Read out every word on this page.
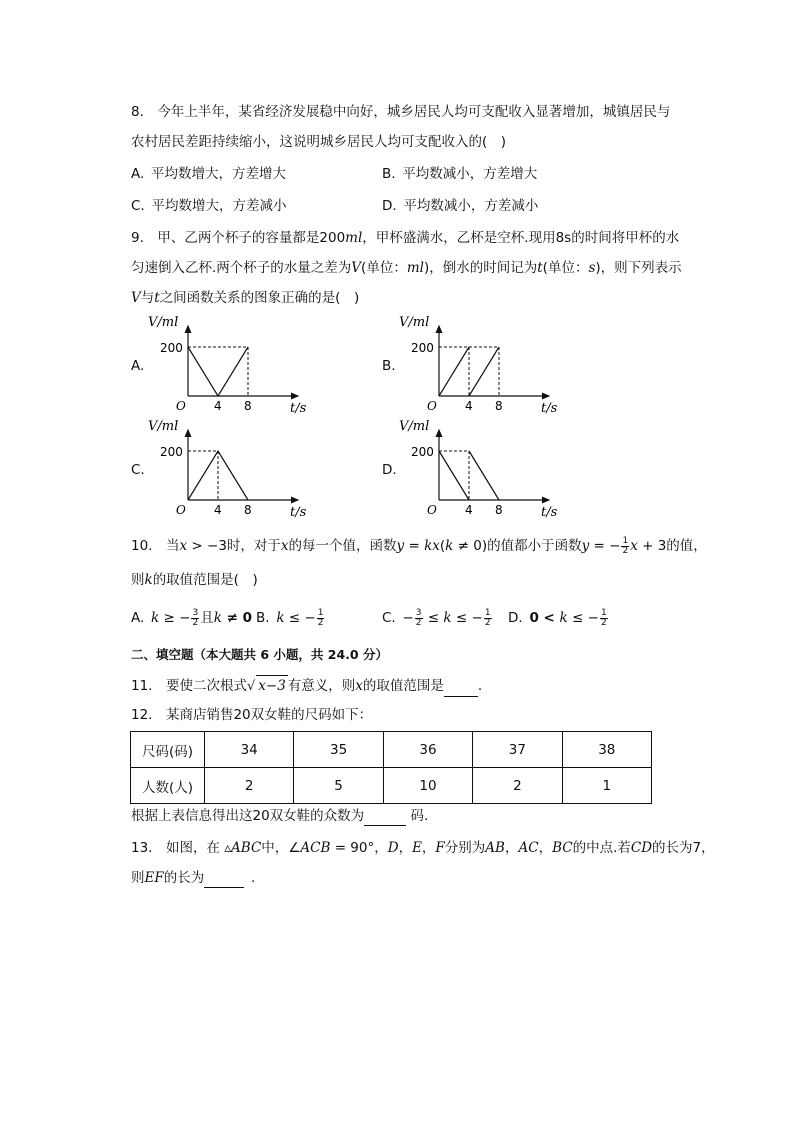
8.　今年上半年，某省经济发展稳中向好，城乡居民人均可支配收入显著增加，城镇居民与
农村居民差距持续缩小，这说明城乡居民人均可支配收入的(　)
A. 平均数增大，方差增大	B. 平均数减小，方差增大
C. 平均数增大，方差减小	D. 平均数减小，方差减小
9.　甲、乙两个杯子的容量都是200ml，甲杯盛满水，乙杯是空杯.现用8s的时间将甲杯的水
匀速倒入乙杯.两个杯子的水量之差为V(单位：ml)，倒水的时间记为t(单位：s)，则下列表示
V与t之间函数关系的图象正确的是(　)
A.	B.
C.	D.
V/ml
200
O 4 8	t/s
V/ml
200
O 4 8	t/s
V/ml
200
O 4 8	t/s
V/ml
200
O 4 8	t/s
10.　当x > −3时，对于x的每一个值，函数y = kx(k ≠ 0)的值都小于函数y = − $\frac{1}{2}$ x + 3的值，
则k的取值范围是(　)
A. k ≥ − $\frac{3}{2}$ 且k ≠ 0 B. k ≤ − $\frac{1}{2}$	C. − $\frac{3}{2} \le k$ ≤ − $\frac{1}{2} D$. 0 < k ≤ − $\frac{1}{2}$
二、填空题（本大题共 6 小题，共 24.0 分）
11.　要使二次根式√ x−3 有意义，则x的取值范围是	.
12.　某商店销售20双女鞋的尺码如下：
尺码(码)	34	35	36	37	38
人数(人)	2	5	10	2	1
根据上表信息得出这20双女鞋的众数为	码.
13.　如图，在 ▵ABC中，∠ACB = 90°，D，E，F分别为AB，AC，BC的中点.若CD的长为7，
则EF的长为	 .
